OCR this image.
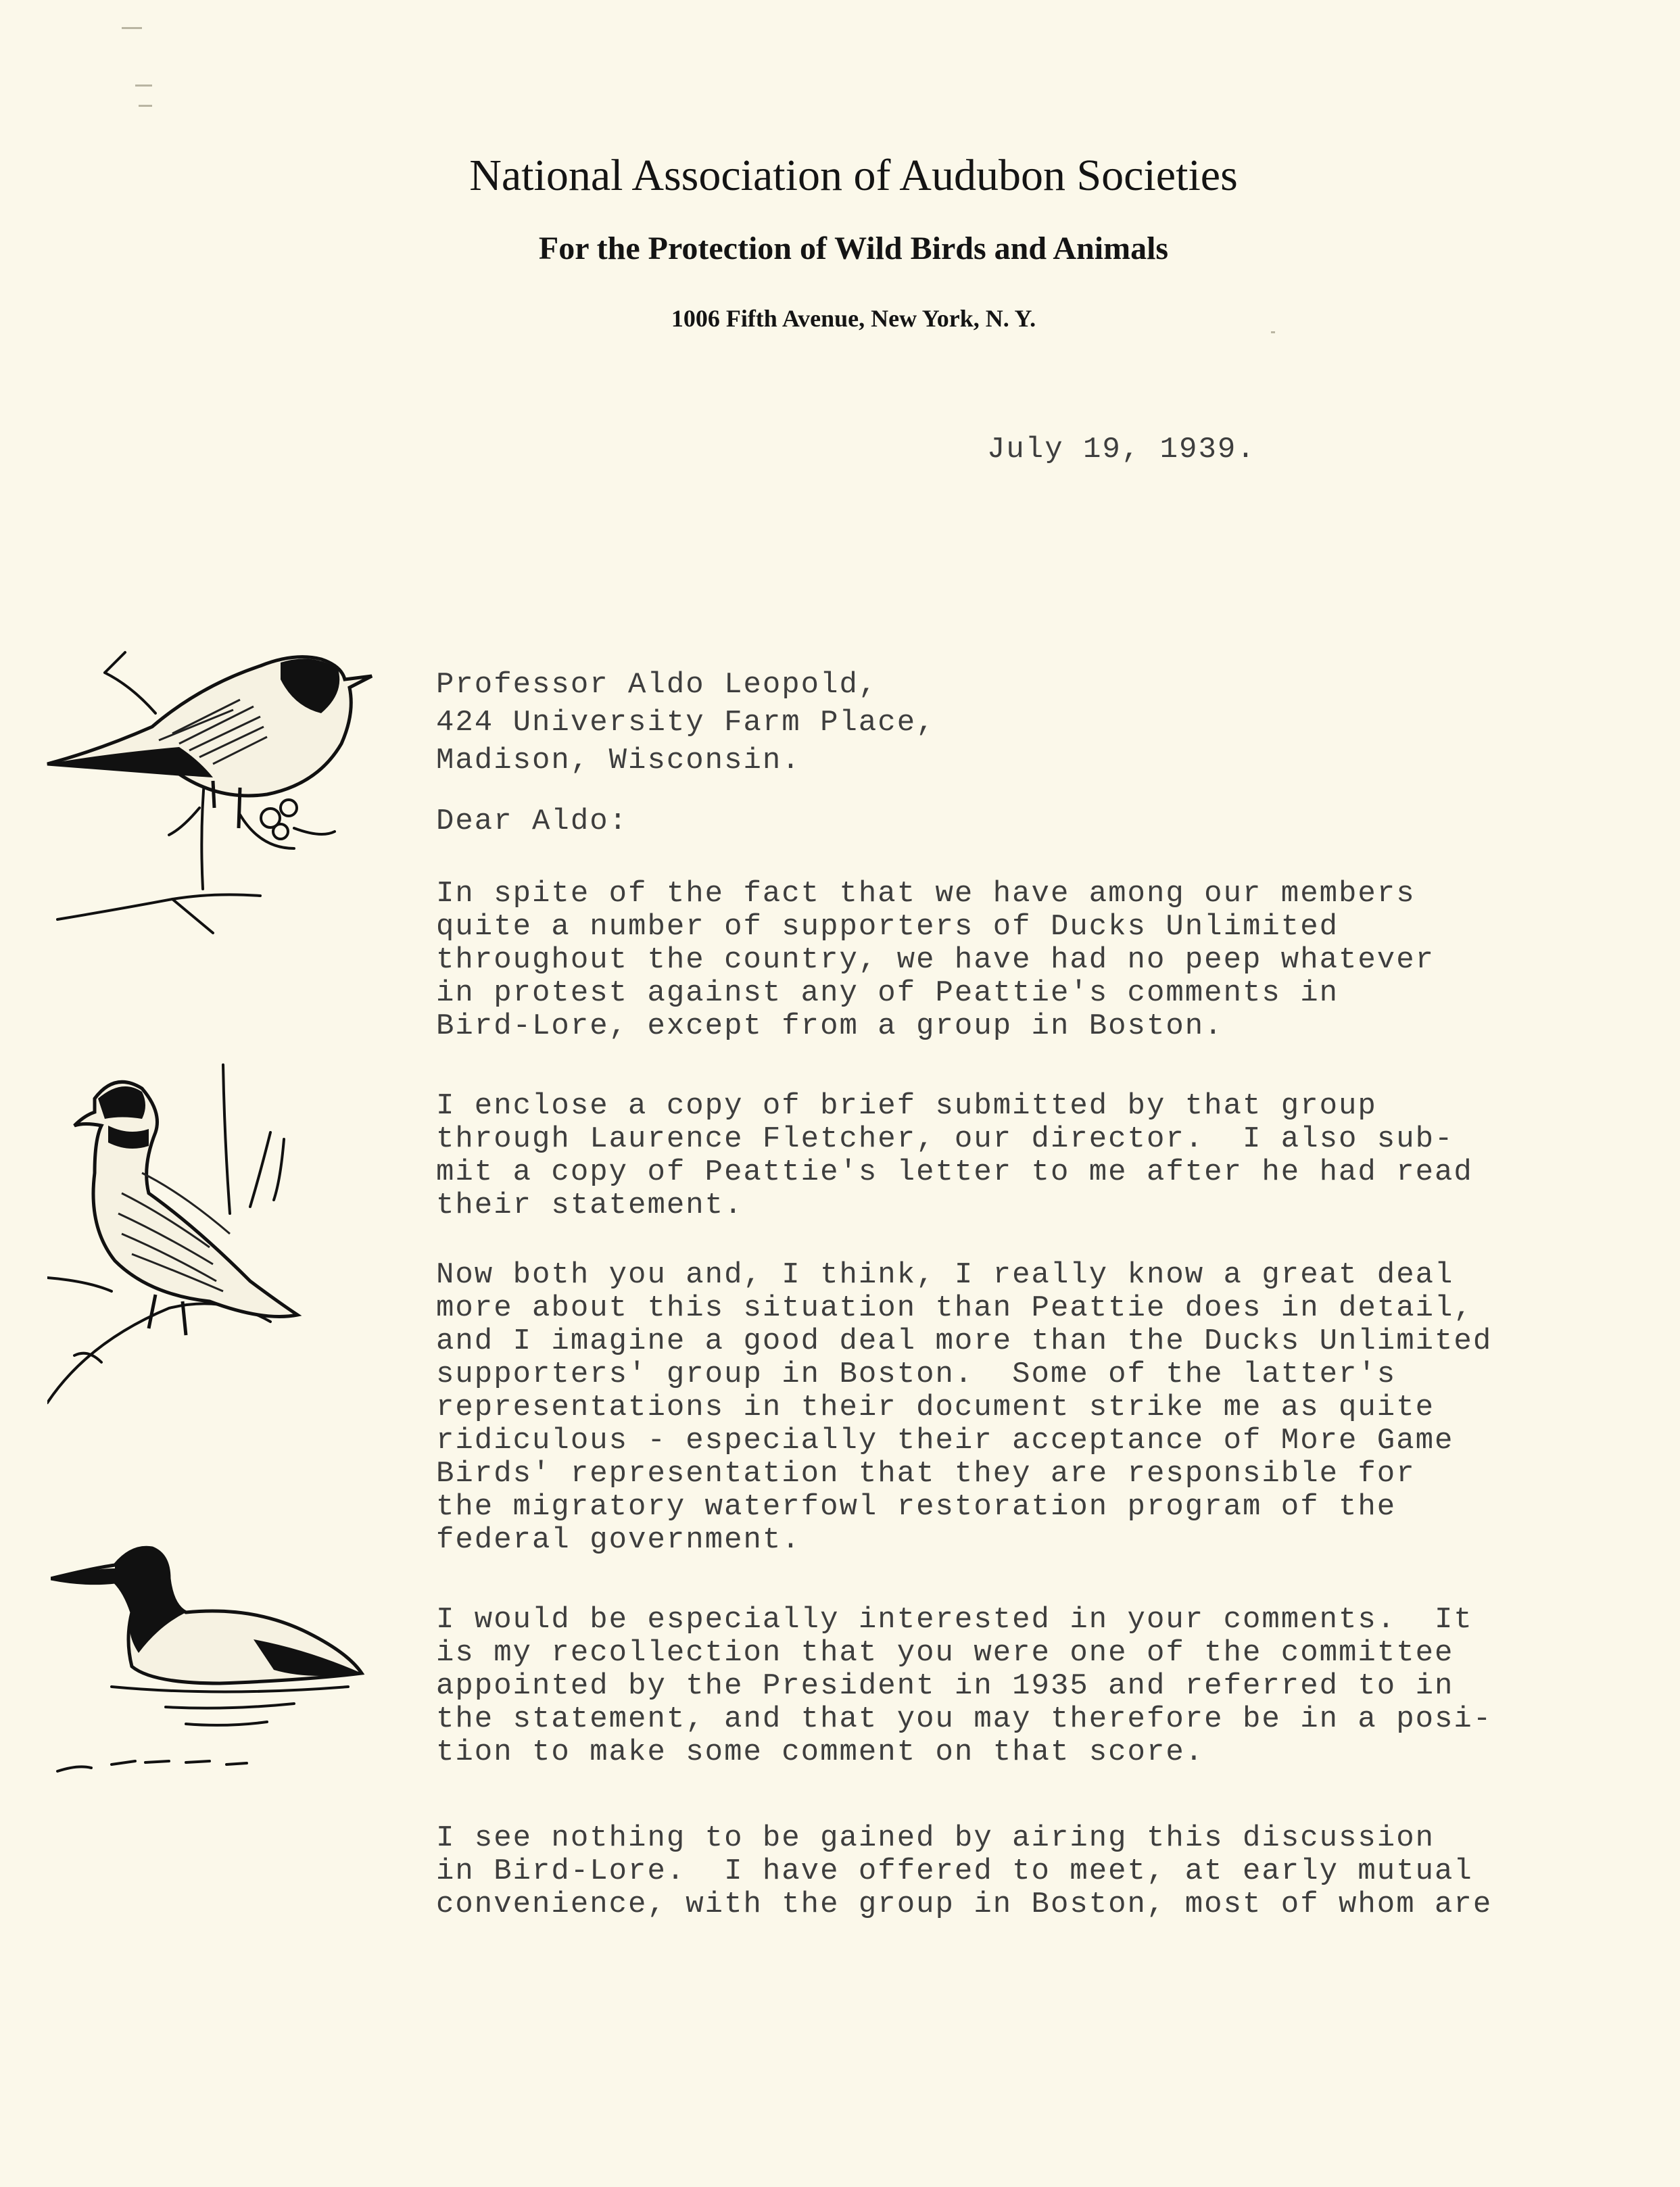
National Association of Audubon Societies
For the Protection of Wild Birds and Animals
1006 Fifth Avenue, New York, N. Y.
July 19, 1939.
Professor Aldo Leopold,
424 University Farm Place,
Madison, Wisconsin.
Dear Aldo:
In spite of the fact that we have among our members
quite a number of supporters of Ducks Unlimited
throughout the country, we have had no peep whatever
in protest against any of Peattie's comments in
Bird-Lore, except from a group in Boston.
I enclose a copy of brief submitted by that group
through Laurence Fletcher, our director.  I also sub-
mit a copy of Peattie's letter to me after he had read
their statement.
Now both you and, I think, I really know a great deal
more about this situation than Peattie does in detail,
and I imagine a good deal more than the Ducks Unlimited
supporters' group in Boston.  Some of the latter's
representations in their document strike me as quite
ridiculous - especially their acceptance of More Game
Birds' representation that they are responsible for
the migratory waterfowl restoration program of the
federal government.
I would be especially interested in your comments.  It
is my recollection that you were one of the committee
appointed by the President in 1935 and referred to in
the statement, and that you may therefore be in a posi-
tion to make some comment on that score.
I see nothing to be gained by airing this discussion
in Bird-Lore.  I have offered to meet, at early mutual
convenience, with the group in Boston, most of whom are
